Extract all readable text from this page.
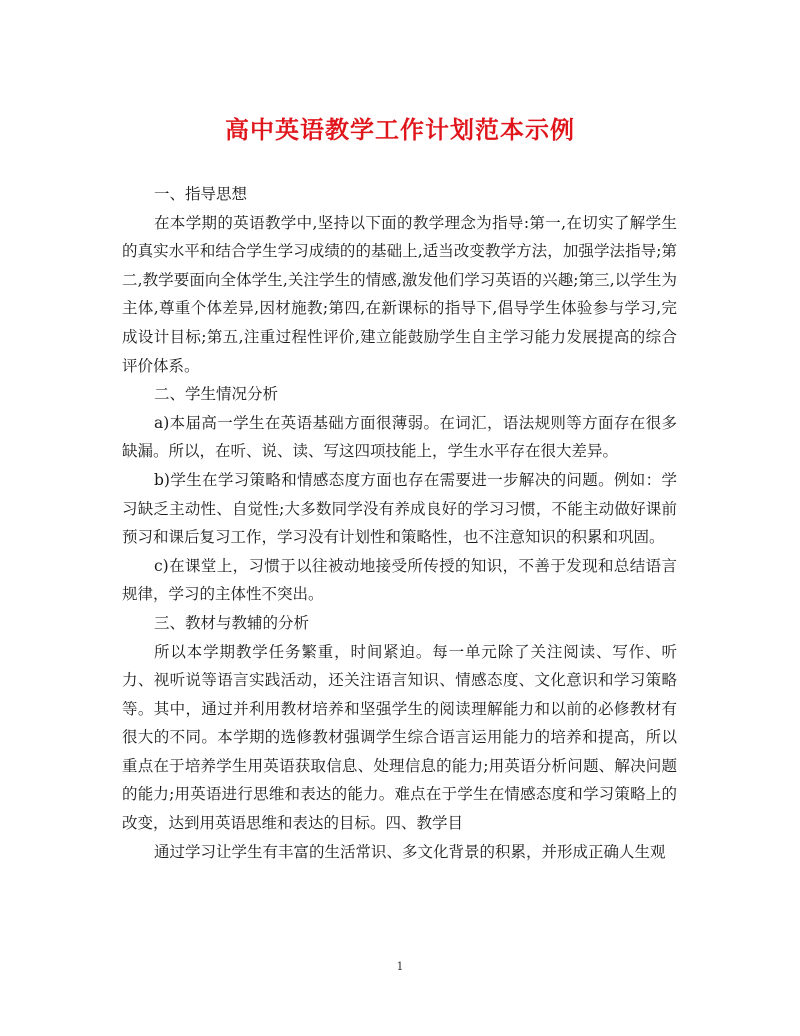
高中英语教学工作计划范本示例

一、指导思想

在本学期的英语教学中,坚持以下面的教学理念为指导:第一,在切实了解学生的真实水平和结合学生学习成绩的的基础上,适当改变教学方法，加强学法指导;第二,教学要面向全体学生,关注学生的情感,激发他们学习英语的兴趣;第三,以学生为主体,尊重个体差异,因材施教;第四,在新课标的指导下,倡导学生体验参与学习,完成设计目标;第五,注重过程性评价,建立能鼓励学生自主学习能力发展提高的综合评价体系。

二、学生情况分析

a)本届高一学生在英语基础方面很薄弱。在词汇，语法规则等方面存在很多缺漏。所以，在听、说、读、写这四项技能上，学生水平存在很大差异。

b)学生在学习策略和情感态度方面也存在需要进一步解决的问题。例如：学习缺乏主动性、自觉性;大多数同学没有养成良好的学习习惯，不能主动做好课前预习和课后复习工作，学习没有计划性和策略性，也不注意知识的积累和巩固。

c)在课堂上，习惯于以往被动地接受所传授的知识，不善于发现和总结语言规律，学习的主体性不突出。

三、教材与教辅的分析

所以本学期教学任务繁重，时间紧迫。每一单元除了关注阅读、写作、听力、视听说等语言实践活动，还关注语言知识、情感态度、文化意识和学习策略等。其中，通过并利用教材培养和坚强学生的阅读理解能力和以前的必修教材有很大的不同。本学期的选修教材强调学生综合语言运用能力的培养和提高，所以重点在于培养学生用英语获取信息、处理信息的能力;用英语分析问题、解决问题的能力;用英语进行思维和表达的能力。难点在于学生在情感态度和学习策略上的改变，达到用英语思维和表达的目标。四、教学目

通过学习让学生有丰富的生活常识、多文化背景的积累，并形成正确人生观

1
